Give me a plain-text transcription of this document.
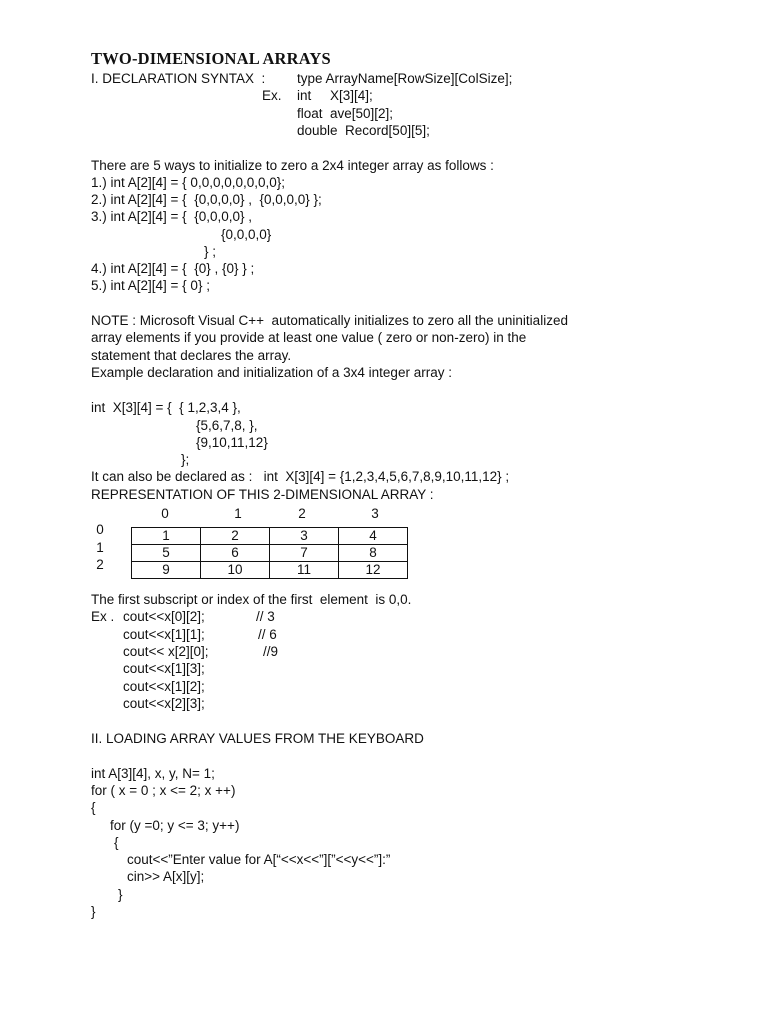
TWO-DIMENSIONAL ARRAYS
I. DECLARATION SYNTAX  : type ArrayName[RowSize][ColSize];
Ex. int     X[3][4];
float  ave[50][2];
double  Record[50][5];
There are 5 ways to initialize to zero a 2x4 integer array as follows :
1.) int A[2][4] = { 0,0,0,0,0,0,0,0};
2.) int A[2][4] = {  {0,0,0,0} ,  {0,0,0,0} };
3.) int A[2][4] = {  {0,0,0,0} ,
{0,0,0,0}
} ;
4.) int A[2][4] = {  {0} , {0} } ;
5.) int A[2][4] = { 0} ;
NOTE : Microsoft Visual C++  automatically initializes to zero all the uninitialized
array elements if you provide at least one value ( zero or non-zero) in the
statement that declares the array.
Example declaration and initialization of a 3x4 integer array :
int  X[3][4] = {  { 1,2,3,4 },
{5,6,7,8, },
{9,10,11,12}
};
It can also be declared as :   int  X[3][4] = {1,2,3,4,5,6,7,8,9,10,11,12} ;
REPRESENTATION OF THIS 2-DIMENSIONAL ARRAY :
0	1	2	3
0
1
2
1	2	3	4
5	6	7	8
9	10	11	12
The first subscript or index of the first  element  is 0,0.
Ex . cout<<x[0][2];	// 3
cout<<x[1][1];	// 6
cout<< x[2][0];	//9
cout<<x[1][3];
cout<<x[1][2];
cout<<x[2][3];
II. LOADING ARRAY VALUES FROM THE KEYBOARD
int A[3][4], x, y, N= 1;
for ( x = 0 ; x <= 2; x ++)
{
for (y =0; y <= 3; y++)
{
cout<<”Enter value for A[“<<x<<”][”<<y<<”]:”
cin>> A[x][y];
}
}
